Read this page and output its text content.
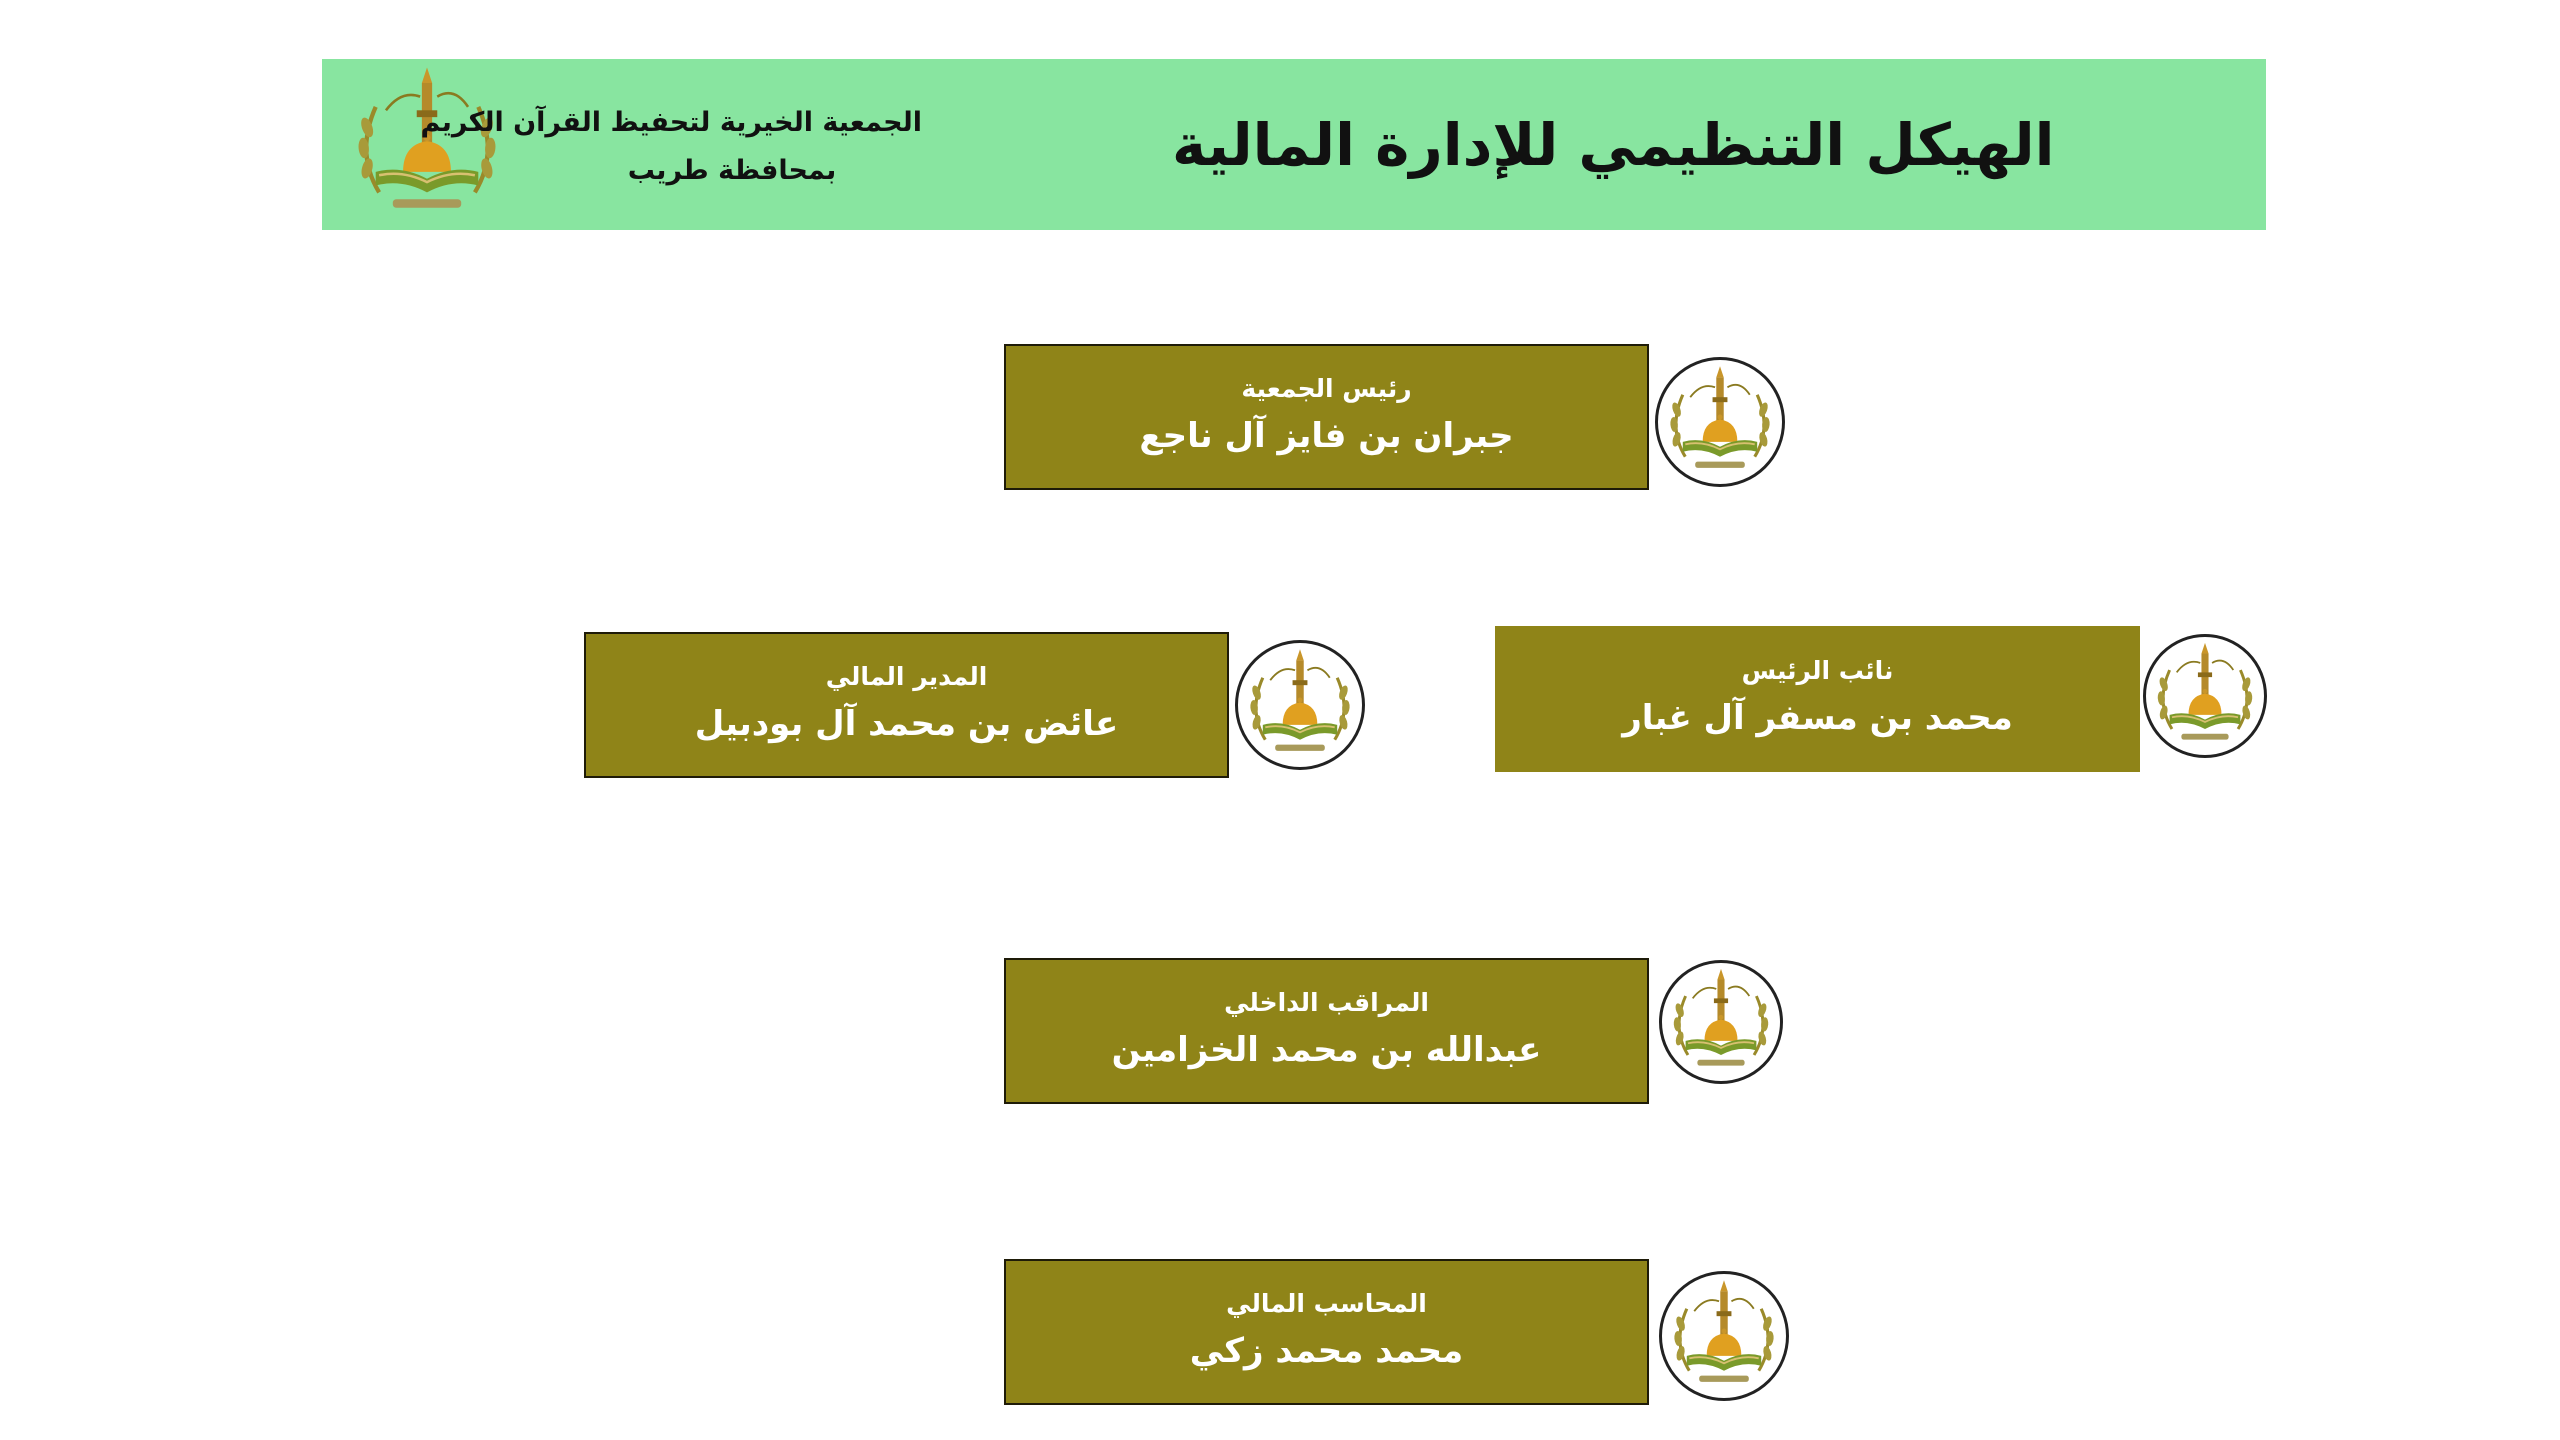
الجمعية الخيرية لتحفيظ القرآن الكريم
بمحافظة طريب	الهيكل التنظيمي للإدارة المالية
رئيس الجمعية
جبران بن فايز آل ناجع
المدير المالي
عائض بن محمد آل بودبيل
نائب الرئيس
محمد بن مسفر آل غبار
المراقب الداخلي
عبدالله بن محمد الخزامين
المحاسب المالي
محمد محمد زكي
